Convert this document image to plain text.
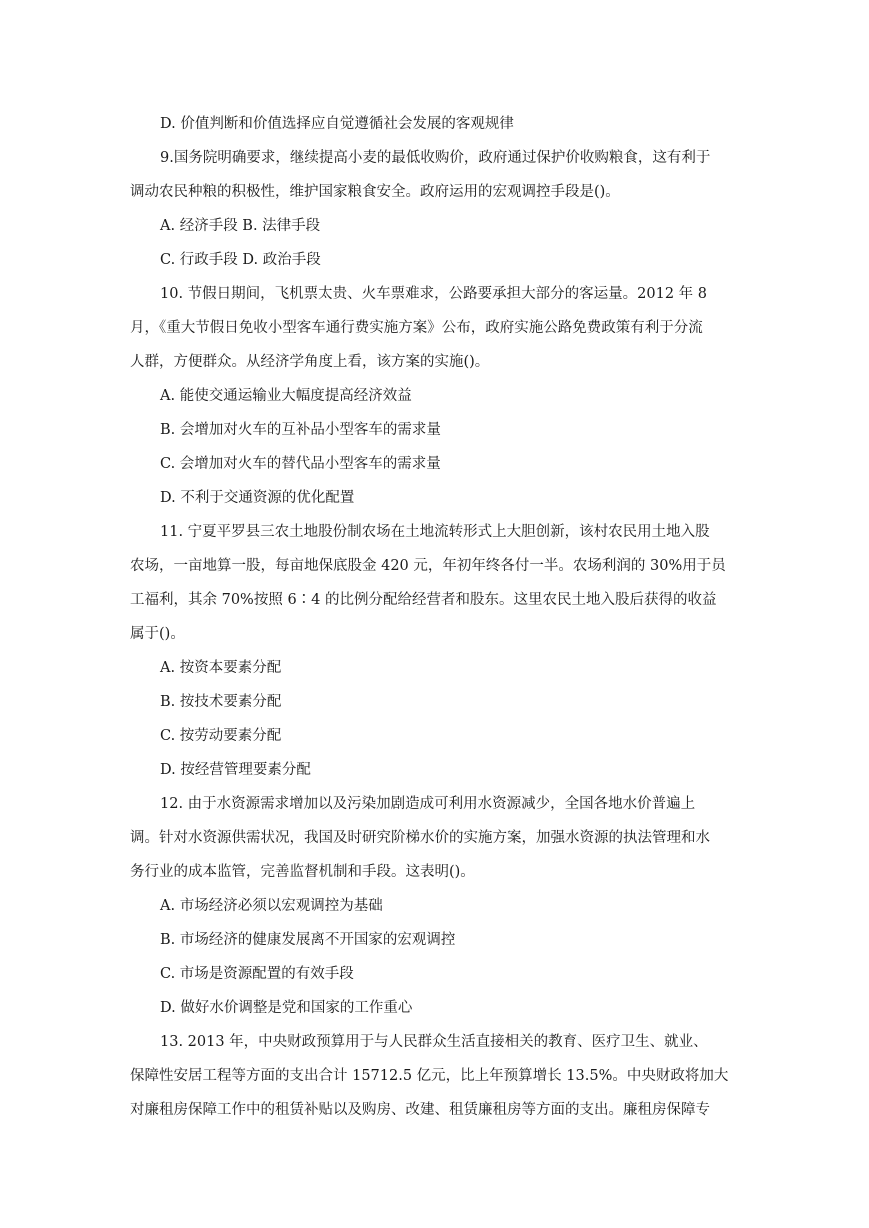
D. 价值判断和价值选择应自觉遵循社会发展的客观规律
9.国务院明确要求，继续提高小麦的最低收购价，政府通过保护价收购粮食，这有利于
调动农民种粮的积极性，维护国家粮食安全。政府运用的宏观调控手段是()。
A. 经济手段 B. 法律手段
C. 行政手段 D. 政治手段
10. 节假日期间，飞机票太贵、火车票难求，公路要承担大部分的客运量。2012 年 8
月，《重大节假日免收小型客车通行费实施方案》公布，政府实施公路免费政策有利于分流
人群，方便群众。从经济学角度上看，该方案的实施()。
A. 能使交通运输业大幅度提高经济效益
B. 会增加对火车的互补品小型客车的需求量
C. 会增加对火车的替代品小型客车的需求量
D. 不利于交通资源的优化配置
11. 宁夏平罗县三农土地股份制农场在土地流转形式上大胆创新，该村农民用土地入股
农场，一亩地算一股，每亩地保底股金 420 元，年初年终各付一半。农场利润的 30%用于员
工福利，其余 70%按照 6∶4 的比例分配给经营者和股东。这里农民土地入股后获得的收益
属于()。
A. 按资本要素分配
B. 按技术要素分配
C. 按劳动要素分配
D. 按经营管理要素分配
12. 由于水资源需求增加以及污染加剧造成可利用水资源减少，全国各地水价普遍上
调。针对水资源供需状况，我国及时研究阶梯水价的实施方案，加强水资源的执法管理和水
务行业的成本监管，完善监督机制和手段。这表明()。
A. 市场经济必须以宏观调控为基础
B. 市场经济的健康发展离不开国家的宏观调控
C. 市场是资源配置的有效手段
D. 做好水价调整是党和国家的工作重心
13. 2013 年，中央财政预算用于与人民群众生活直接相关的教育、医疗卫生、就业、
保障性安居工程等方面的支出合计 15712.5 亿元，比上年预算增长 13.5%。中央财政将加大
对廉租房保障工作中的租赁补贴以及购房、改建、租赁廉租房等方面的支出。廉租房保障专
